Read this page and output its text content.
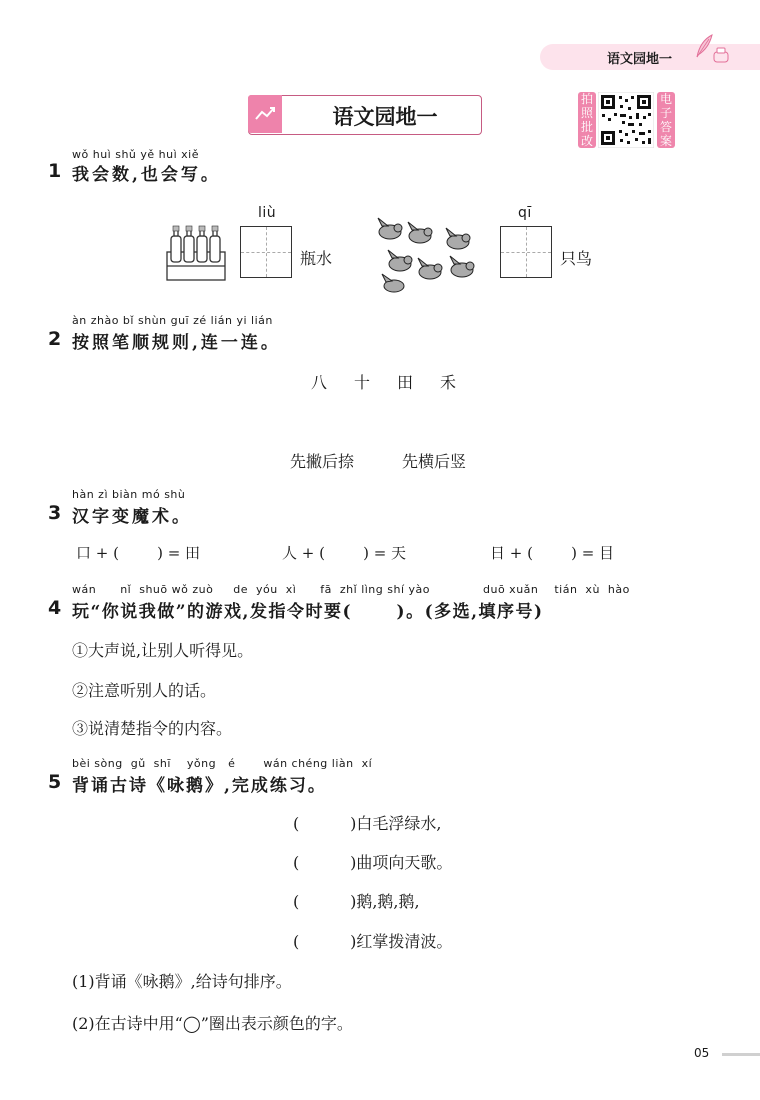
语文园地一
语文园地一
拍照批改
电子答案
wǒ huì shǔ yě huì xiě
1 我会数,也会写。
liù
瓶水
qī
只鸟
àn zhào bǐ shùn guī zé lián yi lián
2 按照笔顺规则,连一连。
八 十 田 禾
先撇后捺	先横后竖
hàn zì biàn mó shù
3 汉字变魔术。
口 + (        ) = 田	人 + (        ) = 天	日 + (        ) = 目
wán      nǐ  shuō wǒ zuò     de  yóu  xì      fā  zhǐ lìng shí yào	duō xuǎn    tián  xù  hào
4 玩“你说我做”的游戏,发指令时要(      )。(多选,填序号)
①大声说,让别人听得见。
②注意听别人的话。
③说清楚指令的内容。
bèi sòng  gǔ  shī    yǒng   é       wán chéng liàn  xí
5 背诵古诗《咏鹅》,完成练习。
(          )白毛浮绿水,
(          )曲项向天歌。
(          )鹅,鹅,鹅,
(          )红掌拨清波。
(1)背诵《咏鹅》,给诗句排序。
(2)在古诗中用“◯”圈出表示颜色的字。
05
